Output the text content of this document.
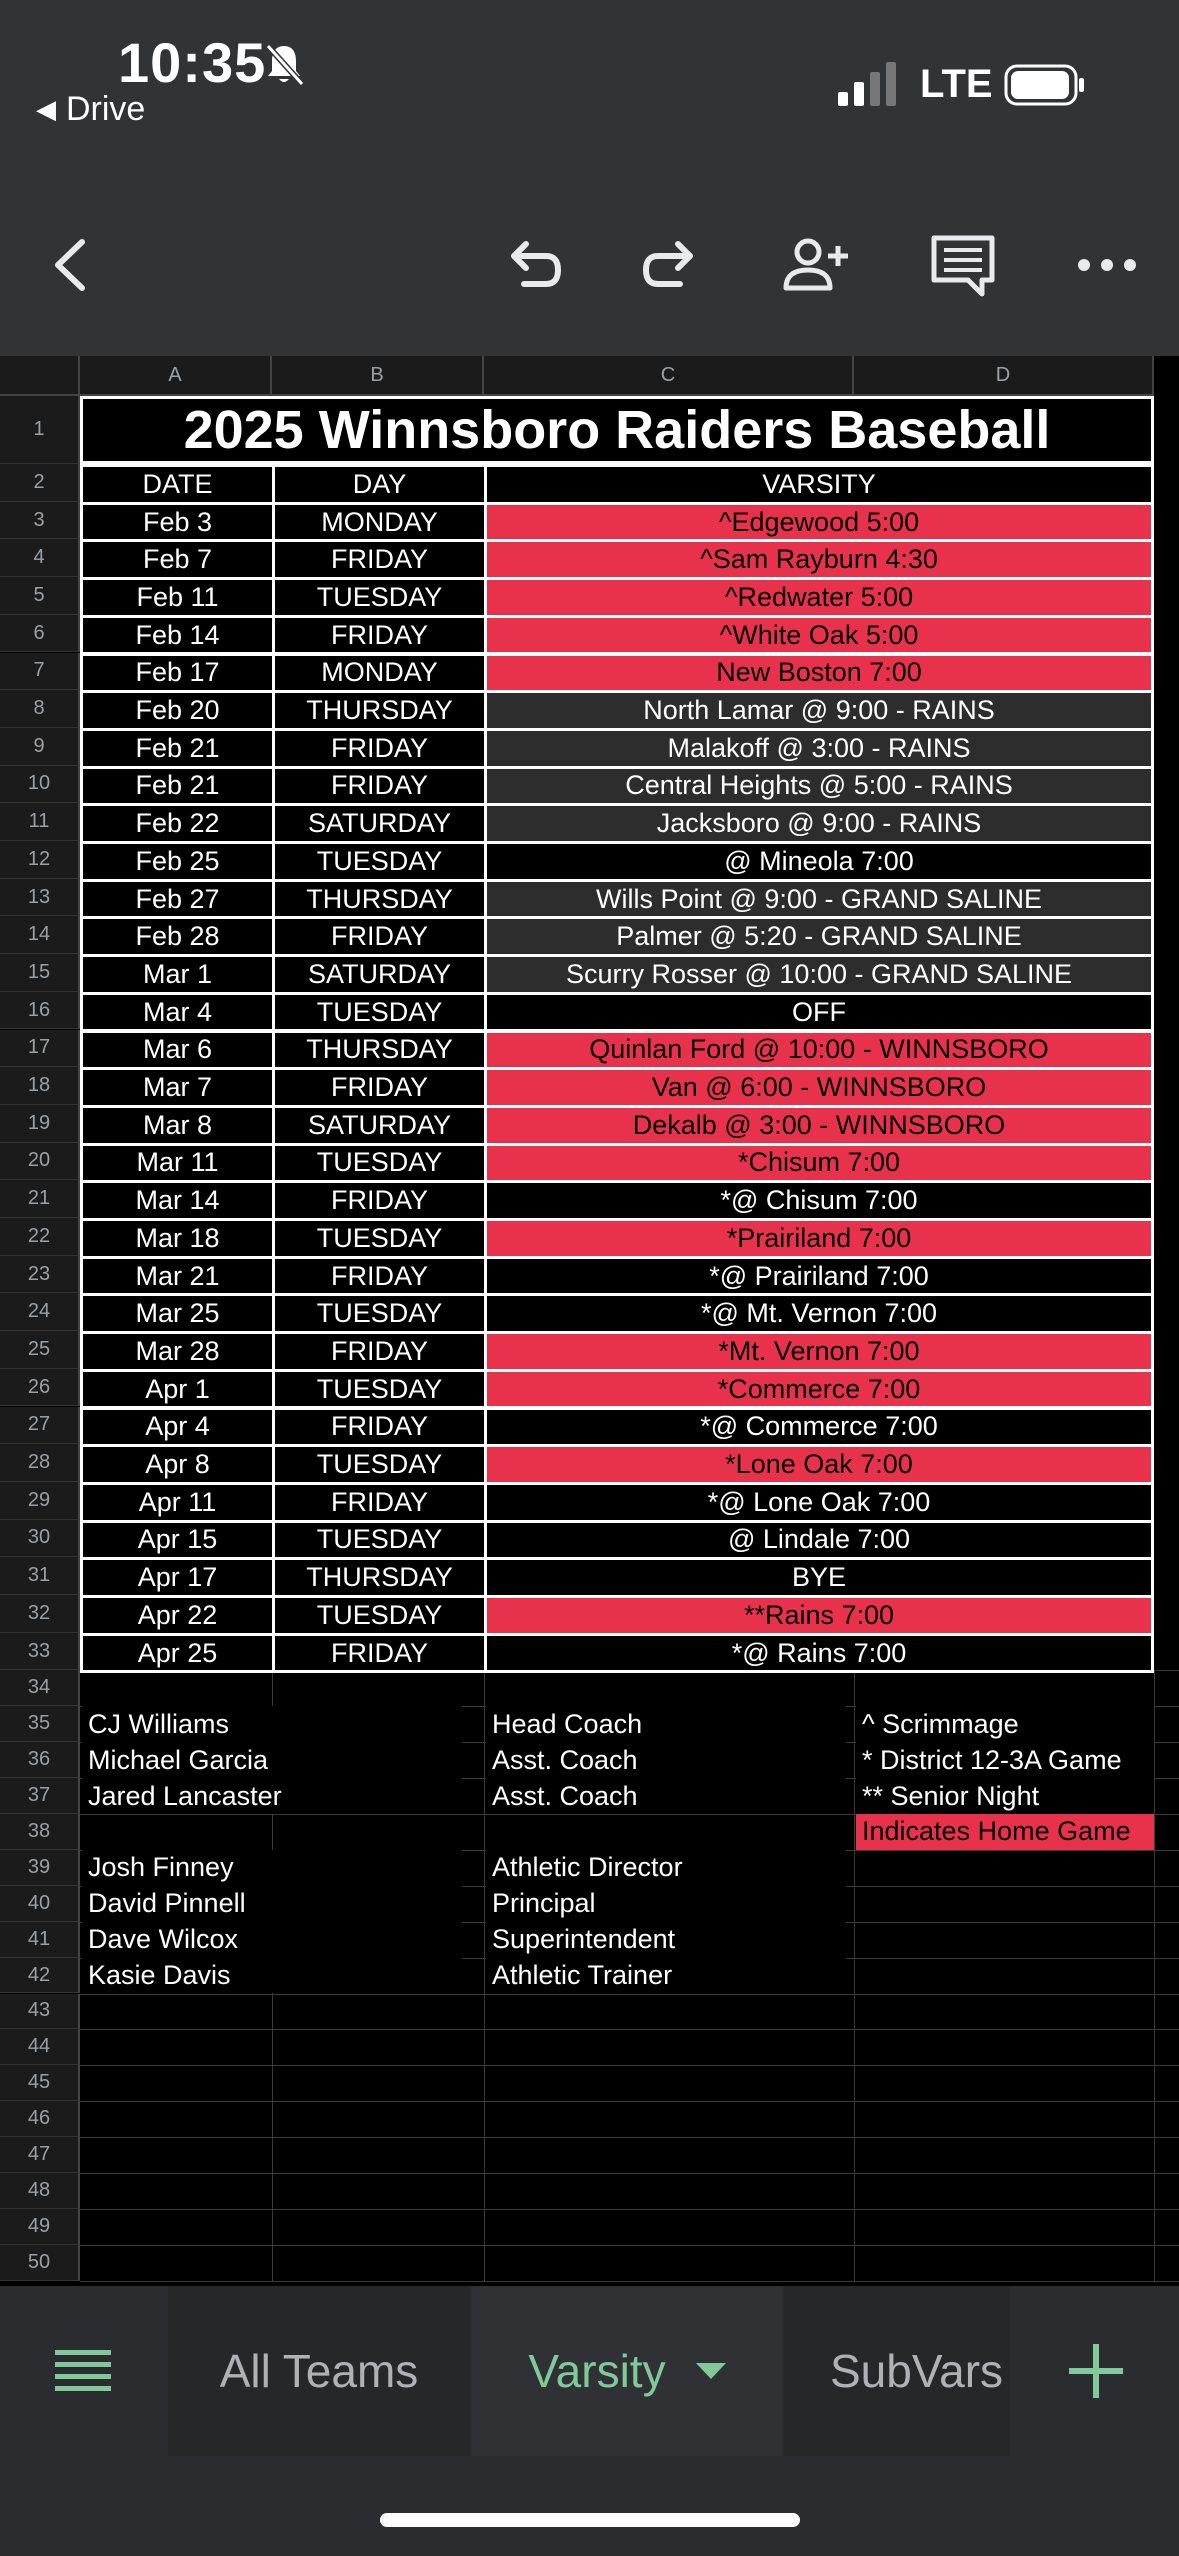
10:35
◀ Drive
LTE
A	B	C	D
1
2
3
4
5
6
7
8
9
10
11
12
13
14
15
16
17
18
19
20
21
22
23
24
25
26
27
28
29
30
31
32
33
34
35
36
37
38
39
40
41
42
43
44
45
46
47
48
49
50
2025 Winnsboro Raiders Baseball
DATE	DAY	VARSITY
Feb 3	MONDAY	^Edgewood 5:00
Feb 7	FRIDAY	^Sam Rayburn 4:30
Feb 11	TUESDAY	^Redwater 5:00
Feb 14	FRIDAY	^White Oak 5:00
Feb 17	MONDAY	New Boston 7:00
Feb 20	THURSDAY	North Lamar @ 9:00 - RAINS
Feb 21	FRIDAY	Malakoff @ 3:00 - RAINS
Feb 21	FRIDAY	Central Heights @ 5:00 - RAINS
Feb 22	SATURDAY	Jacksboro @ 9:00 - RAINS
Feb 25	TUESDAY	@ Mineola 7:00
Feb 27	THURSDAY	Wills Point @ 9:00 - GRAND SALINE
Feb 28	FRIDAY	Palmer @ 5:20 - GRAND SALINE
Mar 1	SATURDAY	Scurry Rosser @ 10:00 - GRAND SALINE
Mar 4	TUESDAY	OFF
Mar 6	THURSDAY	Quinlan Ford @ 10:00 - WINNSBORO
Mar 7	FRIDAY	Van @ 6:00 - WINNSBORO
Mar 8	SATURDAY	Dekalb @ 3:00 - WINNSBORO
Mar 11	TUESDAY	*Chisum 7:00
Mar 14	FRIDAY	*@ Chisum 7:00
Mar 18	TUESDAY	*Prairiland 7:00
Mar 21	FRIDAY	*@ Prairiland 7:00
Mar 25	TUESDAY	*@ Mt. Vernon 7:00
Mar 28	FRIDAY	*Mt. Vernon 7:00
Apr 1	TUESDAY	*Commerce 7:00
Apr 4	FRIDAY	*@ Commerce 7:00
Apr 8	TUESDAY	*Lone Oak 7:00
Apr 11	FRIDAY	*@ Lone Oak 7:00
Apr 15	TUESDAY	@ Lindale 7:00
Apr 17	THURSDAY	BYE
Apr 22	TUESDAY	**Rains 7:00
Apr 25	FRIDAY	*@ Rains 7:00
CJ Williams	Head Coach	^ Scrimmage
Michael Garcia	Asst. Coach	* District 12-3A Game
Jared Lancaster	Asst. Coach	** Senior Night
Indicates Home Game
Josh Finney	Athletic Director
David Pinnell	Principal
Dave Wilcox	Superintendent
Kasie Davis	Athletic Trainer
All Teams Varsity	SubVars
